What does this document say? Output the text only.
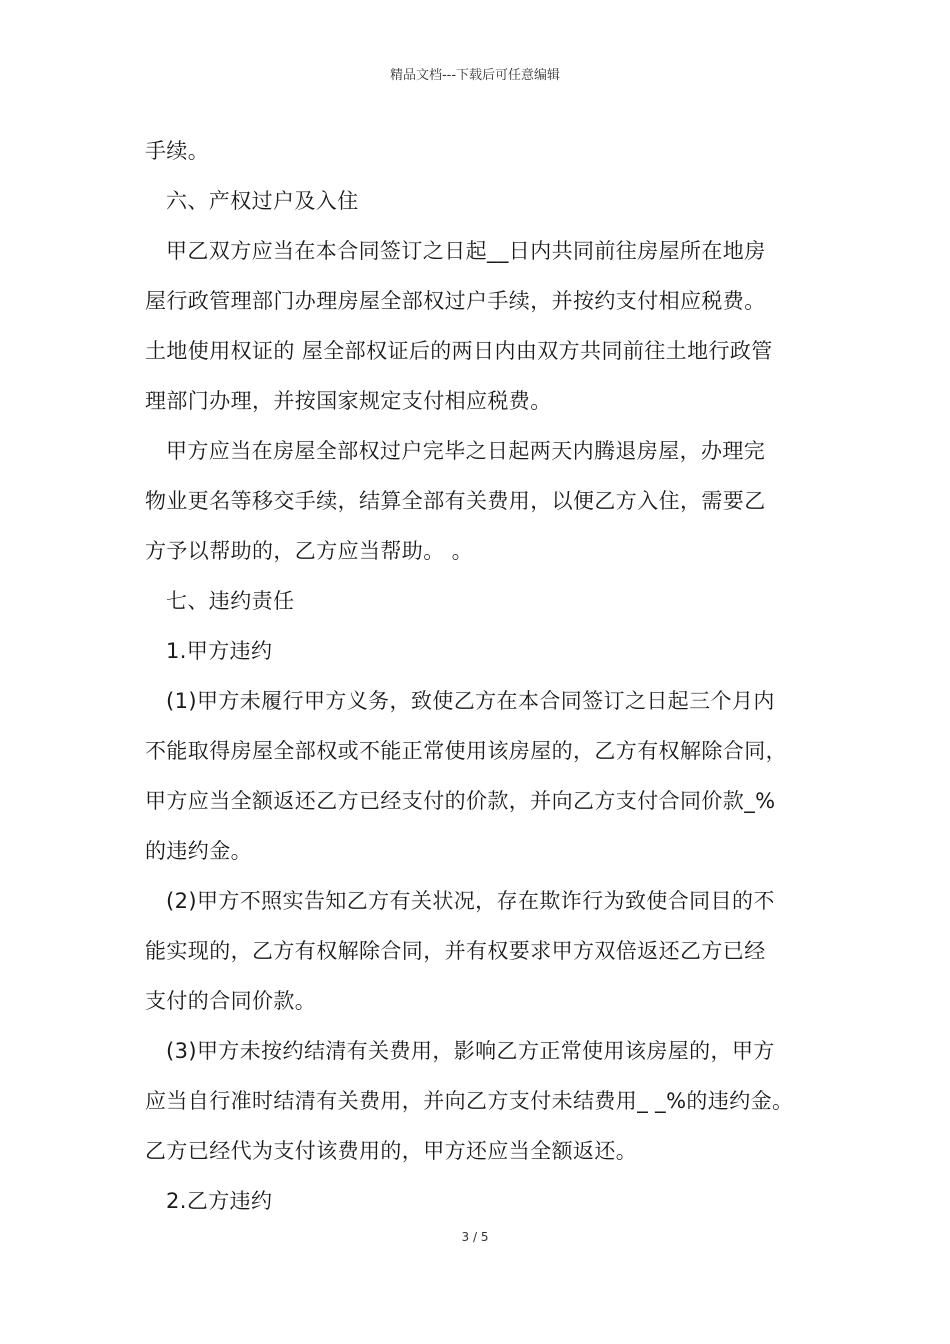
精品文档---下载后可任意编辑
手续。
六、产权过户及入住
甲乙双方应当在本合同签订之日起__日内共同前往房屋所在地房
屋行政管理部门办理房屋全部权过户手续，并按约支付相应税费。
土地使用权证的 屋全部权证后的两日内由双方共同前往土地行政管
理部门办理，并按国家规定支付相应税费。
甲方应当在房屋全部权过户完毕之日起两天内腾退房屋，办理完
物业更名等移交手续，结算全部有关费用，以便乙方入住，需要乙
方予以帮助的，乙方应当帮助。 。
七、违约责任
1.甲方违约
(1)甲方未履行甲方义务，致使乙方在本合同签订之日起三个月内
不能取得房屋全部权或不能正常使用该房屋的，乙方有权解除合同，
甲方应当全额返还乙方已经支付的价款，并向乙方支付合同价款_%
的违约金。
(2)甲方不照实告知乙方有关状况，存在欺诈行为致使合同目的不
能实现的，乙方有权解除合同，并有权要求甲方双倍返还乙方已经
支付的合同价款。
(3)甲方未按约结清有关费用，影响乙方正常使用该房屋的，甲方
应当自行准时结清有关费用，并向乙方支付未结费用_ _%的违约金。
乙方已经代为支付该费用的，甲方还应当全额返还。
2.乙方违约
3 / 5
